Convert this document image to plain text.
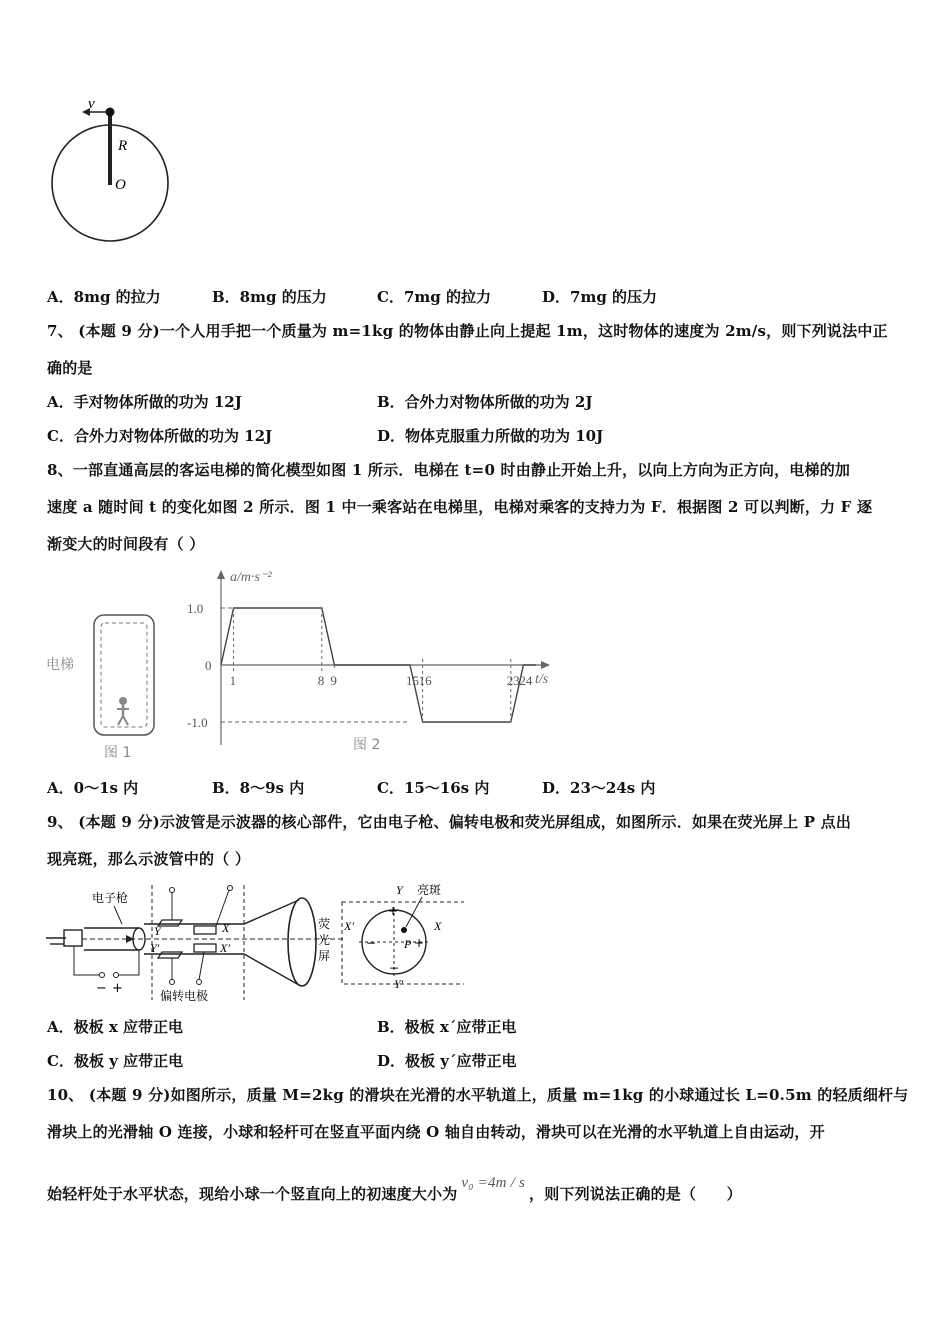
v
R
O
A．8mg 的拉力	B．8mg 的压力	C．7mg 的拉力	D．7mg 的压力
7、 (本题 9 分)一个人用手把一个质量为 m=1kg 的物体由静止向上提起 1m，这时物体的速度为 2m/s，则下列说法中正
确的是
A．手对物体所做的功为 12J	B．合外力对物体所做的功为 2J
C．合外力对物体所做的功为 12J	D．物体克服重力所做的功为 10J
8、一部直通高层的客运电梯的简化模型如图 1 所示．电梯在 t=0 时由静止开始上升，以向上方向为正方向，电梯的加
速度 a 随时间 t 的变化如图 2 所示．图 1 中一乘客站在电梯里，电梯对乘客的支持力为 F．根据图 2 可以判断，力 F 逐
渐变大的时间段有（ ）
电梯
图 1
a/m·s⁻²
t/s
图 2
1	8 9	15 16	23 24
1.0
0
-1.0
A．0～1s 内	B．8～9s 内	C．15～16s 内	D．23～24s 内
9、 (本题 9 分)示波管是示波器的核心部件，它由电子枪、偏转电极和荧光屏组成，如图所示．如果在荧光屏上 P 点出
现亮斑，那么示波管中的（ ）
电子枪
− +
Y
Y′
X
X′
偏转电极
荧
光
屏
P
亮斑
Y
Y′
X
X′
+
−
−	+
A．极板 x 应带正电	B．极板 x´应带正电
C．极板 y 应带正电	D．极板 y´应带正电
10、 (本题 9 分)如图所示，质量 M=2kg 的滑块在光滑的水平轨道上，质量 m=1kg 的小球通过长 L=0.5m 的轻质细杆与
滑块上的光滑轴 O 连接，小球和轻杆可在竖直平面内绕 O 轴自由转动，滑块可以在光滑的水平轨道上自由运动，开
始轻杆处于水平状态，现给小球一个竖直向上的初速度大小为v₀ =4m / s，则下列说法正确的是（　　）
